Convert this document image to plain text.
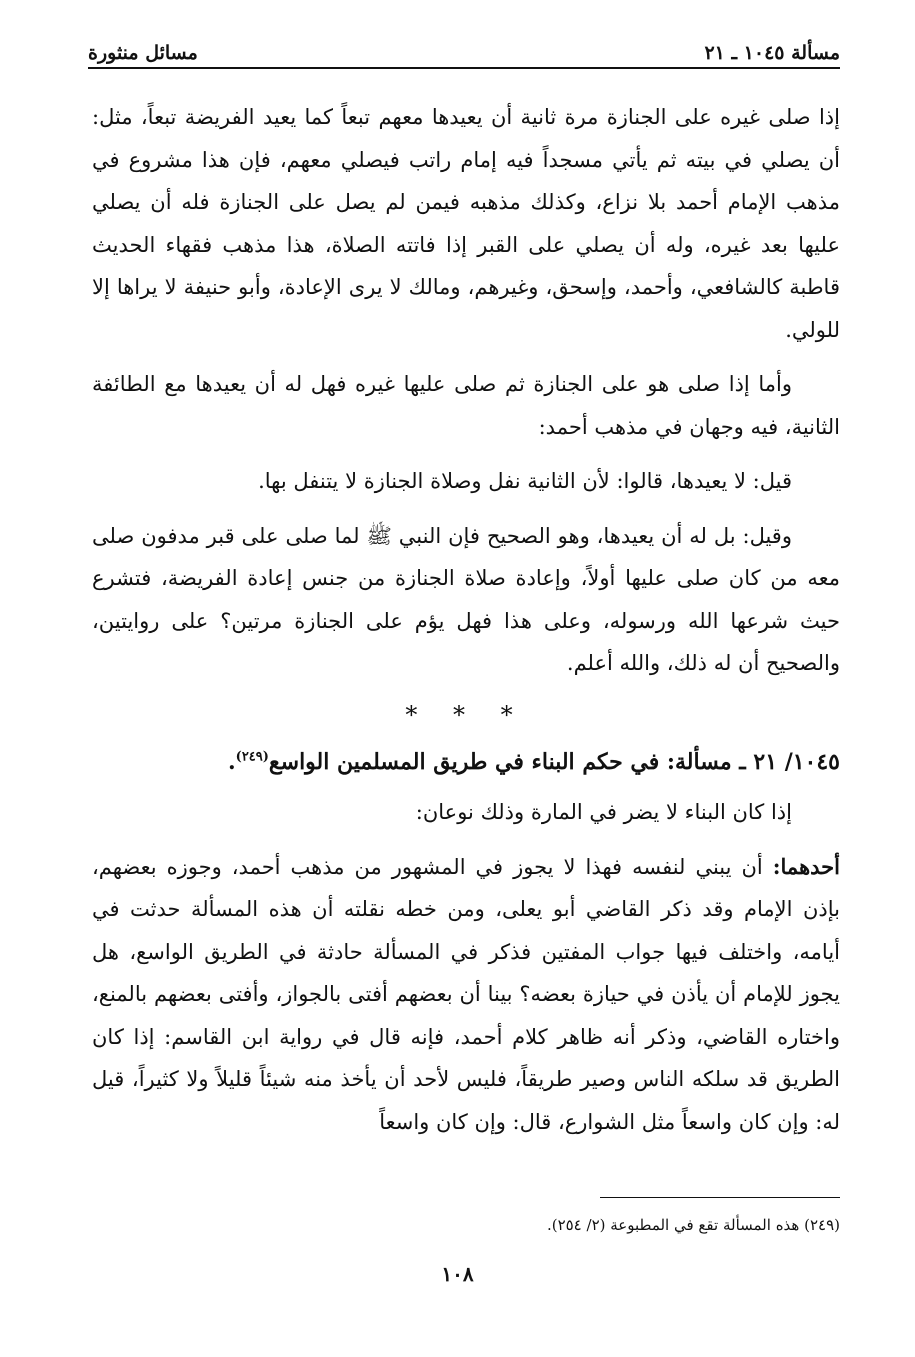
مسألة ١٠٤٥ ـ ٢١
مسائل منثورة

إذا صلى غيره على الجنازة مرة ثانية أن يعيدها معهم تبعاً كما يعيد الفريضة تبعاً، مثل: أن يصلي في بيته ثم يأتي مسجداً فيه إمام راتب فيصلي معهم، فإن هذا مشروع في مذهب الإمام أحمد بلا نزاع، وكذلك مذهبه فيمن لم يصل على الجنازة فله أن يصلي عليها بعد غيره، وله أن يصلي على القبر إذا فاتته الصلاة، هذا مذهب فقهاء الحديث قاطبة كالشافعي، وأحمد، وإسحق، وغيرهم، ومالك لا يرى الإعادة، وأبو حنيفة لا يراها إلا للولي.

وأما إذا صلى هو على الجنازة ثم صلى عليها غيره فهل له أن يعيدها مع الطائفة الثانية، فيه وجهان في مذهب أحمد:

قيل: لا يعيدها، قالوا: لأن الثانية نفل وصلاة الجنازة لا يتنفل بها.

وقيل: بل له أن يعيدها، وهو الصحيح فإن النبي ﷺ لما صلى على قبر مدفون صلى معه من كان صلى عليها أولاً، وإعادة صلاة الجنازة من جنس إعادة الفريضة، فتشرع حيث شرعها الله ورسوله، وعلى هذا فهل يؤم على الجنازة مرتين؟ على روايتين، والصحيح أن له ذلك، والله أعلم.

* * *
١٠٤٥/ ٢١ ـ مسألة: في حكم البناء في طريق المسلمين الواسع$^{(٢٤٩)}$.

إذا كان البناء لا يضر في المارة وذلك نوعان:

أحدهما: أن يبني لنفسه فهذا لا يجوز في المشهور من مذهب أحمد، وجوزه بعضهم، بإذن الإمام وقد ذكر القاضي أبو يعلى، ومن خطه نقلته أن هذه المسألة حدثت في أيامه، واختلف فيها جواب المفتين فذكر في المسألة حادثة في الطريق الواسع، هل يجوز للإمام أن يأذن في حيازة بعضه؟ بينا أن بعضهم أفتى بالجواز، وأفتى بعضهم بالمنع، واختاره القاضي، وذكر أنه ظاهر كلام أحمد، فإنه قال في رواية ابن القاسم: إذا كان الطريق قد سلكه الناس وصير طريقاً، فليس لأحد أن يأخذ منه شيئاً قليلاً ولا كثيراً، قيل له: وإن كان واسعاً مثل الشوارع، قال: وإن كان واسعاً

(٢٤٩) هذه المسألة تقع في المطبوعة (٢/ ٢٥٤).
١٠٨
